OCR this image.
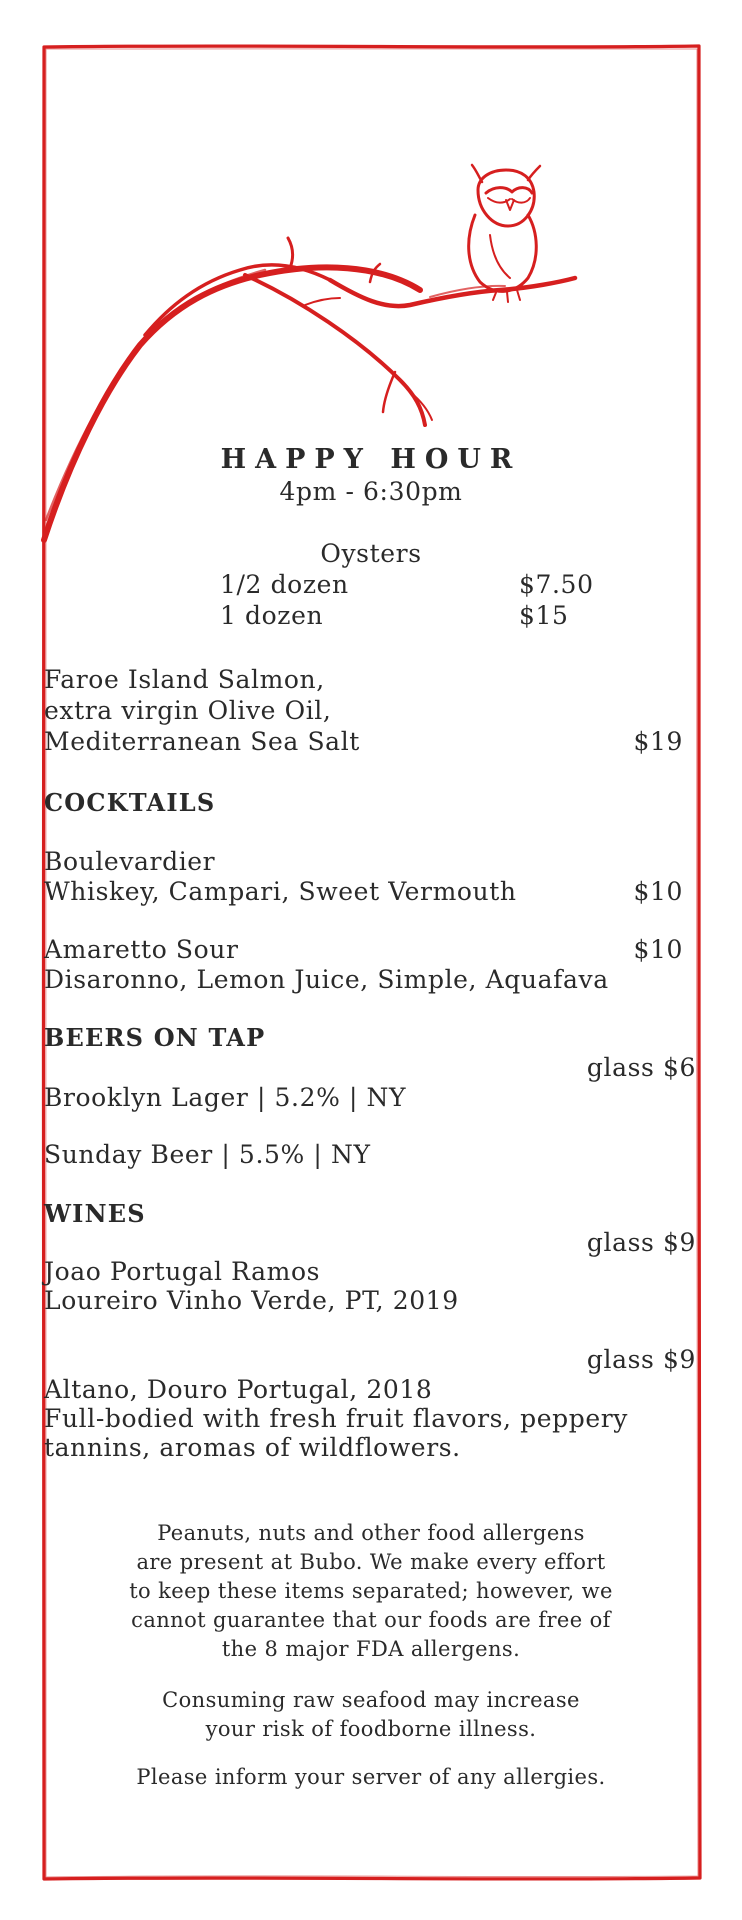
HAPPY HOUR
4pm - 6:30pm
Oysters
1/2 dozen	$7.50
1 dozen	$15
Faroe Island Salmon,
extra virgin Olive Oil,
Mediterranean Sea Salt	$19
COCKTAILS
Boulevardier
Whiskey, Campari, Sweet Vermouth	$10
Amaretto Sour	$10
Disaronno, Lemon Juice, Simple, Aquafava
BEERS ON TAP
glass $6
Brooklyn Lager | 5.2% | NY
Sunday Beer | 5.5% | NY
WINES
glass $9
Joao Portugal Ramos
Loureiro Vinho Verde, PT, 2019
glass $9
Altano, Douro Portugal, 2018
Full-bodied with fresh fruit flavors, peppery
tannins, aromas of wildflowers.
Peanuts, nuts and other food allergens
are present at Bubo. We make every effort
to keep these items separated; however, we
cannot guarantee that our foods are free of
the 8 major FDA allergens.
Consuming raw seafood may increase
your risk of foodborne illness.
Please inform your server of any allergies.
